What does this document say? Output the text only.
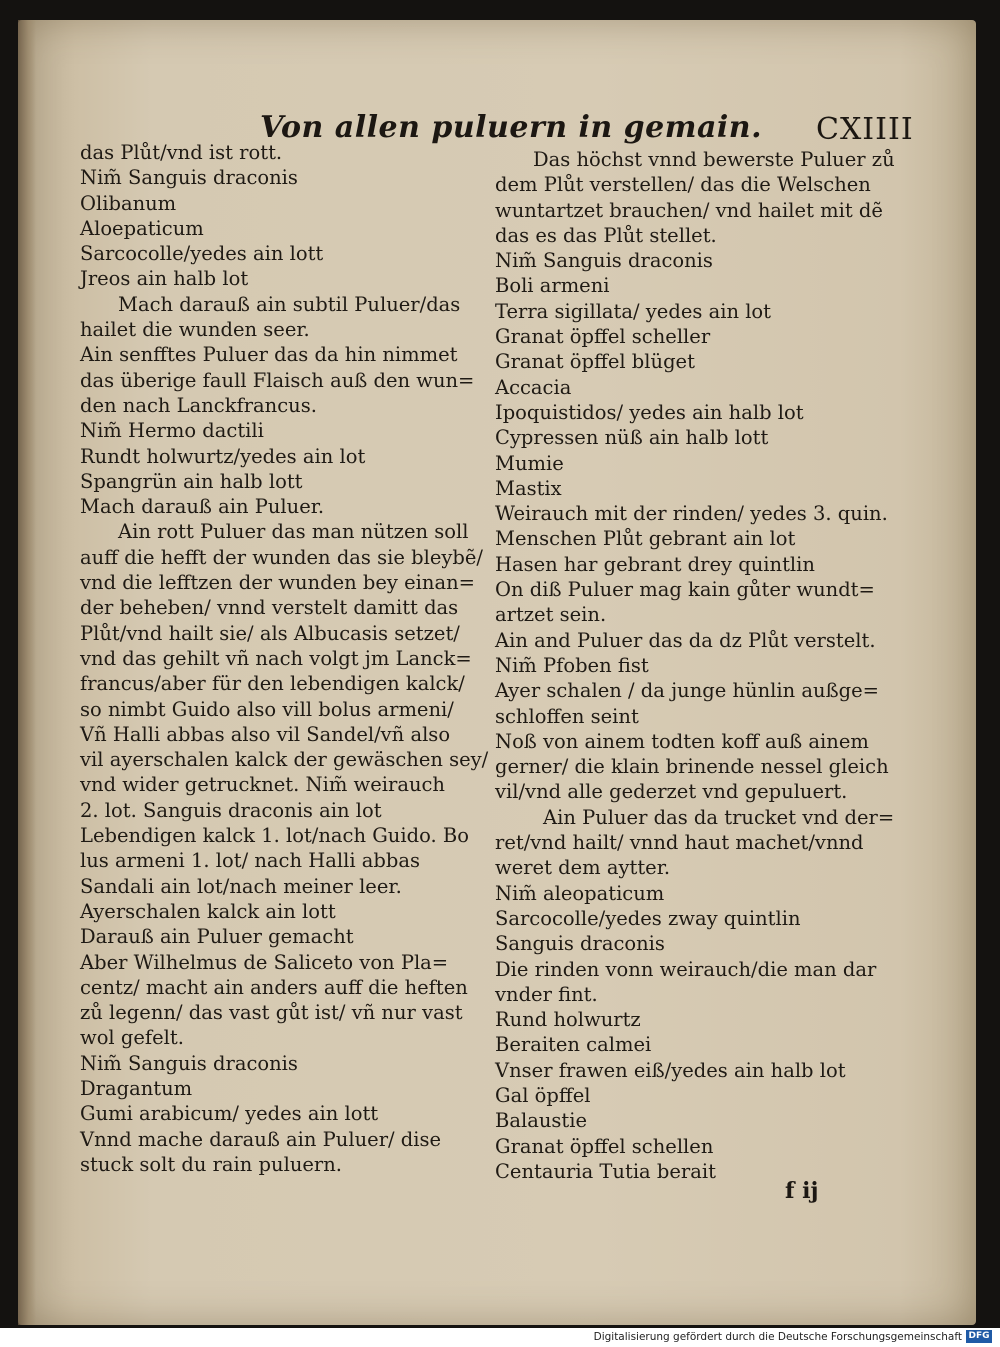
Von allen puluern in gemain. CXIIII
das Plůt/vnd ist rott.
Nim̃ Sanguis draconis
Olibanum
Aloepaticum
Sarcocolle/yedes ain lott
Jreos ain halb lot
Mach darauß ain subtil Puluer/das
hailet die wunden seer.
Ain senfftes Puluer das da hin nimmet
das überige faull Flaisch auß den wun=
den nach Lanckfrancus.
Nim̃ Hermo dactili
Rundt holwurtz/yedes ain lot
Spangrün ain halb lott
Mach darauß ain Puluer.
Ain rott Puluer das man nützen soll
auff die hefft der wunden das sie bleybẽ/
vnd die lefftzen der wunden bey einan=
der beheben/ vnnd verstelt damitt das
Plůt/vnd hailt sie/ als Albucasis setzet/
vnd das gehilt vñ nach volgt jm Lanck=
francus/aber für den lebendigen kalck/
so nimbt Guido also vill bolus armeni/
Vñ Halli abbas also vil Sandel/vñ also
vil ayerschalen kalck der gewäschen sey/
vnd wider getrucknet. Nim̃ weirauch
2. lot. Sanguis draconis ain lot
Lebendigen kalck 1. lot/nach Guido. Bo
lus armeni 1. lot/ nach Halli abbas
Sandali ain lot/nach meiner leer.
Ayerschalen kalck ain lott
Darauß ain Puluer gemacht
Aber Wilhelmus de Saliceto von Pla=
centz/ macht ain anders auff die heften
zů legenn/ das vast gůt ist/ vñ nur vast
wol gefelt.
Nim̃ Sanguis draconis
Dragantum
Gumi arabicum/ yedes ain lott
Vnnd mache darauß ain Puluer/ dise
stuck solt du rain puluern.
Das höchst vnnd bewerste Puluer zů
dem Plůt verstellen/ das die Welschen
wuntartzet brauchen/ vnd hailet mit dẽ
das es das Plůt stellet.
Nim̃ Sanguis draconis
Boli armeni
Terra sigillata/ yedes ain lot
Granat öpffel scheller
Granat öpffel blüget
Accacia
Ipoquistidos/ yedes ain halb lot
Cypressen nüß ain halb lott
Mumie
Mastix
Weirauch mit der rinden/ yedes 3. quin.
Menschen Plůt gebrant ain lot
Hasen har gebrant drey quintlin
On diß Puluer mag kain gůter wundt=
artzet sein.
Ain and Puluer das da dz Plůt verstelt.
Nim̃ Pfoben fist
Ayer schalen / da junge hünlin außge=
schloffen seint
Noß von ainem todten koff auß ainem
gerner/ die klain brinende nessel gleich
vil/vnd alle gederzet vnd gepuluert.
Ain Puluer das da trucket vnd der=
ret/vnd hailt/ vnnd haut machet/vnnd
weret dem aytter.
Nim̃ aleopaticum
Sarcocolle/yedes zway quintlin
Sanguis draconis
Die rinden vonn weirauch/die man dar
vnder fint.
Rund holwurtz
Beraiten calmei
Vnser frawen eiß/yedes ain halb lot
Gal öpffel
Balaustie
Granat öpffel schellen
Centauria Tutia berait
f ij
Digitalisierung gefördert durch die Deutsche Forschungsgemeinschaft DFG
